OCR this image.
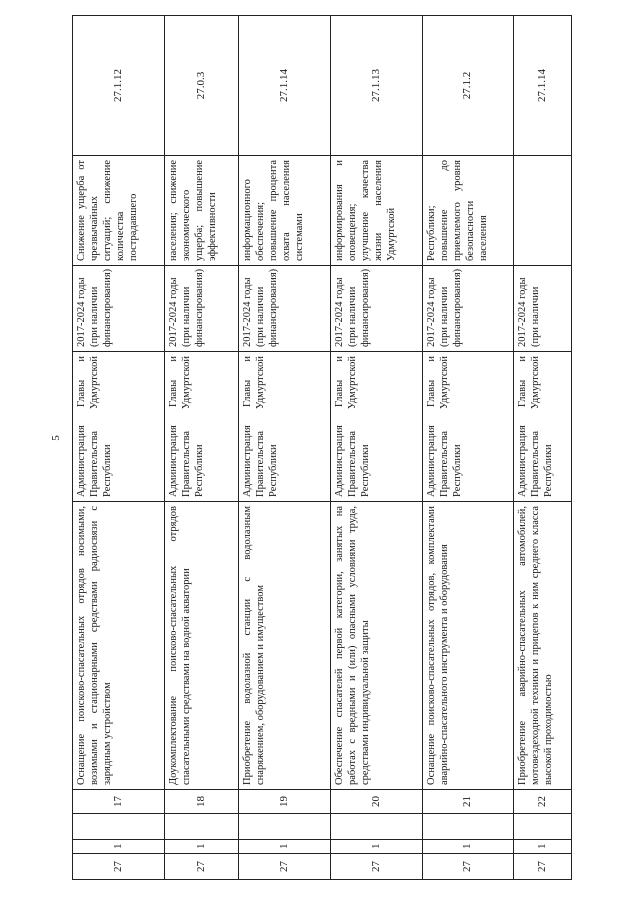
5
27	1		17	Оснащение поисково-спасательных отрядов носимыми, возимыми и стационарными средствами радиосвязи с зарядным устройством	Администрация Главы и Правительства Удмуртской Республики	2017-2024 годы (при наличии финансирования)	Снижение ущерба от чрезвычайных ситуаций; снижение количества пострадавшего	27.1.12
27	1		18	Доукомплектование поисково-спасательных отрядов спасательными средствами на водной акватории	Администрация Главы и Правительства Удмуртской Республики	2017-2024 годы (при наличии финансирования)	населения; снижение экономического ущерба; повышение эффективности	27.0.3
27	1		19	Приобретение водолазной станции с водолазным снаряжением, оборудованием и имуществом	Администрация Главы и Правительства Удмуртской Республики	2017-2024 годы (при наличии финансирования)	информационного обеспечения; повышение процента охвата населения системами	27.1.14
27	1		20	Обеспечение спасателей первой категории, занятых на работах с вредными и (или) опасными условиями труда, средствами индивидуальной защиты	Администрация Главы и Правительства Удмуртской Республики	2017-2024 годы (при наличии финансирования)	информирования и оповещения; улучшение качества жизни населения Удмуртской	27.1.13
27	1		21	Оснащение поисково-спасательных отрядов, комплектами аварийно-спасательного инструмента и оборудования	Администрация Главы и Правительства Удмуртской Республики	2017-2024 годы (при наличии финансирования)	Республики; повышение до приемлемого уровня безопасности населения	27.1.2
27	1		22	Приобретение аварийно-спасательных автомобилей, мотовездеходной техники и прицепов к ним среднего класса высокой проходимостью	Администрация Главы и Правительства Удмуртской Республики	2017-2024 годы (при наличии		27.1.14
